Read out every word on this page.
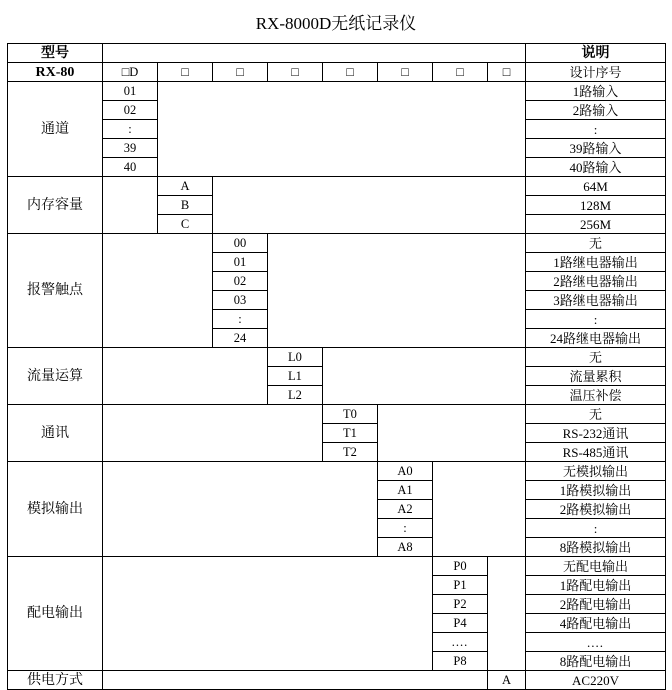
RX-8000D无纸记录仪
型号									说明
RX-80	□D	□	□	□	□	□	□	□	设计序号
通道	01								1路输入
	02								2路输入
	:								:
	39								39路输入
	40								40路输入
内存容量		A							64M
		B							128M
		C							256M
报警触点			00						无
			01						1路继电器输出
			02						2路继电器输出
			03						3路继电器输出
			:						:
			24						24路继电器输出
流量运算				L0					无
				L1					流量累积
				L2					温压补偿
通讯					T0				无
					T1				RS-232通讯
					T2				RS-485通讯
模拟输出						A0			无模拟输出
						A1			1路模拟输出
						A2			2路模拟输出
						:			:
						A8			8路模拟输出
配电输出							P0		无配电输出
							P1		1路配电输出
							P2		2路配电输出
							P4		4路配电输出
							....		....
							P8		8路配电输出
供电方式								A	AC220V
